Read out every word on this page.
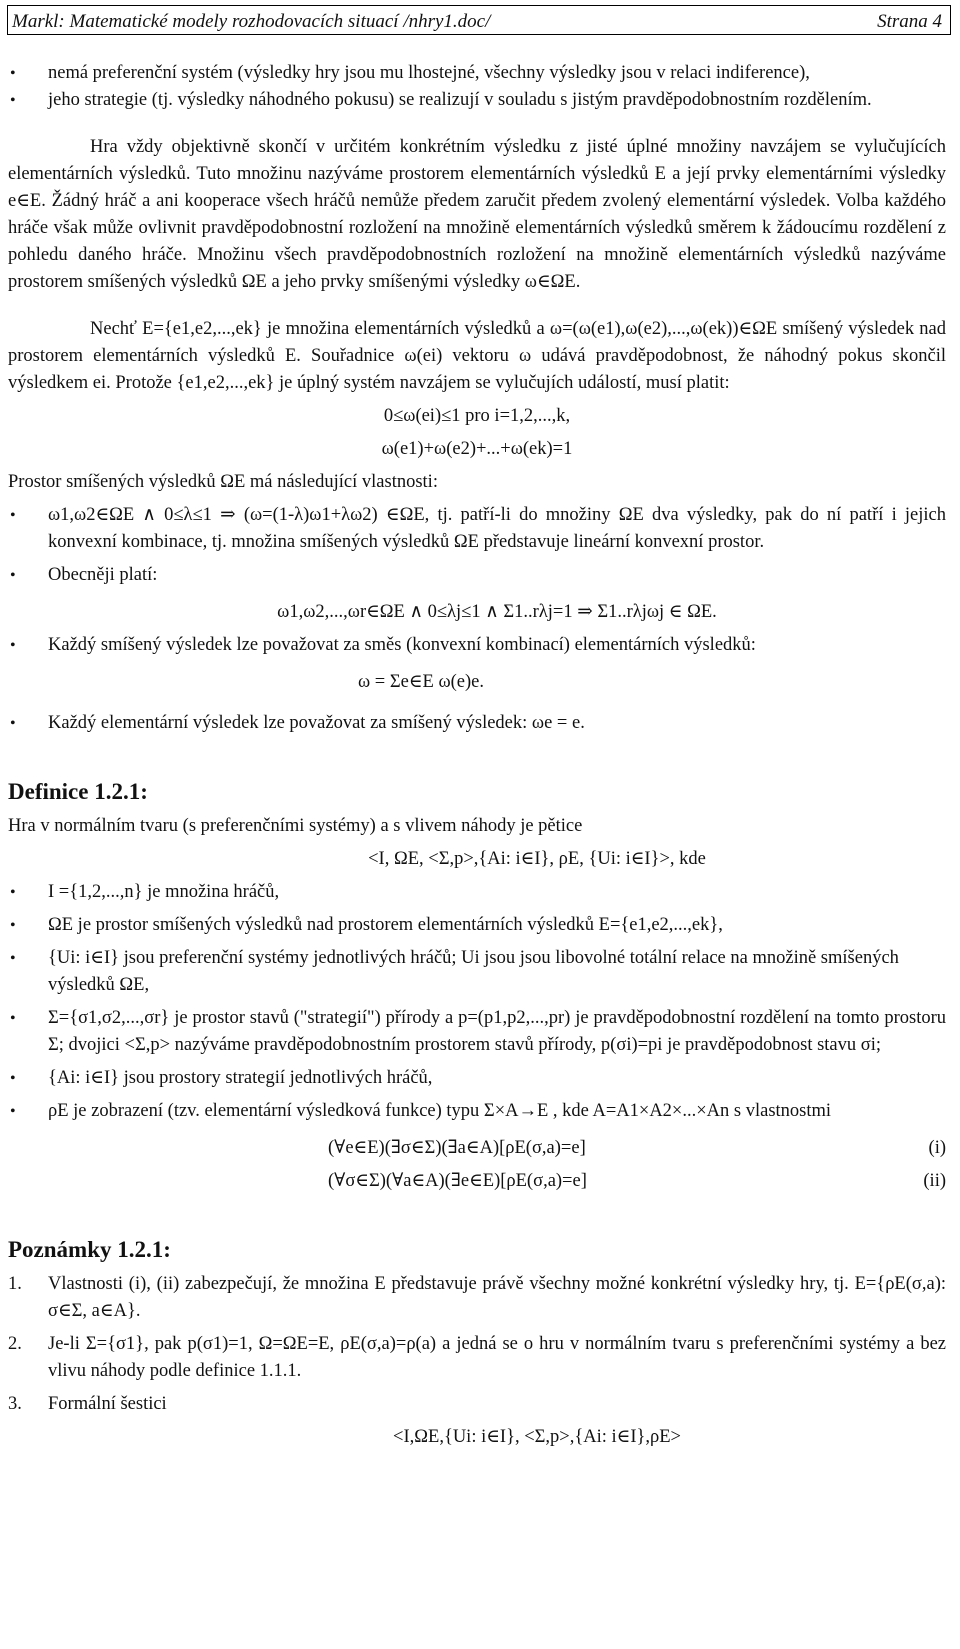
Markl: Matematické modely rozhodovacích situací /nhry1.doc/	Strana 4

• nemá preferenční systém (výsledky hry jsou mu lhostejné, všechny výsledky jsou v relaci indiference),

• jeho strategie (tj. výsledky náhodného pokusu) se realizují v souladu s jistým pravděpodobnostním rozdělením.

Hra vždy objektivně skončí v určitém konkrétním výsledku z jisté úplné množiny navzájem se vylučujících elementárních výsledků. Tuto množinu nazýváme prostorem elementárních výsledků E a její prvky elementárními výsledky e∈E. Žádný hráč a ani kooperace všech hráčů nemůže předem zaručit předem zvolený elementární výsledek. Volba každého hráče však může ovlivnit pravděpodobnostní rozložení na množině elementárních výsledků směrem k žádoucímu rozdělení z pohledu daného hráče. Množinu všech pravděpodobnostních rozložení na množině elementárních výsledků nazýváme prostorem smíšených výsledků ΩE a jeho prvky smíšenými výsledky ω∈ΩE.

Nechť E={e1,e2,...,ek} je množina elementárních výsledků a ω=(ω(e1),ω(e2),...,ω(ek))∈ΩE smíšený výsledek nad prostorem elementárních výsledků E. Souřadnice ω(ei) vektoru ω udává pravděpodobnost, že náhodný pokus skončil výsledkem ei. Protože {e1,e2,...,ek} je úplný systém navzájem se vylučujích událostí, musí platit:

0≤ω(ei)≤1 pro i=1,2,...,k,

ω(e1)+ω(e2)+...+ω(ek)=1

Prostor smíšených výsledků ΩE má následující vlastnosti:

• ω1,ω2∈ΩE ∧ 0≤λ≤1 ⇒ (ω=(1-λ)ω1+λω2) ∈ΩE, tj. patří-li do množiny ΩE dva výsledky, pak do ní patří i jejich konvexní kombinace, tj. množina smíšených výsledků ΩE představuje lineární konvexní prostor.

• Obecněji platí:

ω1,ω2,...,ωr∈ΩE ∧ 0≤λj≤1 ∧ Σ1..rλj=1 ⇒ Σ1..rλjωj ∈ ΩE.

• Každý smíšený výsledek lze považovat za směs (konvexní kombinací) elementárních výsledků:

ω = Σe∈E ω(e)e.

• Každý elementární výsledek lze považovat za smíšený výsledek: ωe = e.

Definice 1.2.1:

Hra v normálním tvaru (s preferenčními systémy) a s vlivem náhody je pětice

<I, ΩE, <Σ,p>,{Ai: i∈I}, ρE, {Ui: i∈I}>, kde

• I ={1,2,...,n} je množina hráčů,

• ΩE je prostor smíšených výsledků nad prostorem elementárních výsledků E={e1,e2,...,ek},

• {Ui: i∈I} jsou preferenční systémy jednotlivých hráčů; Ui jsou jsou libovolné totální relace na množině smíšených výsledků ΩE,

• Σ={σ1,σ2,...,σr} je prostor stavů ("strategií") přírody a p=(p1,p2,...,pr) je pravděpodobnostní rozdělení na tomto prostoru Σ; dvojici <Σ,p> nazýváme pravděpodobnostním prostorem stavů přírody, p(σi)=pi je pravděpodobnost stavu σi;

• {Ai: i∈I} jsou prostory strategií jednotlivých hráčů,

• ρE je zobrazení (tzv. elementární výsledková funkce) typu Σ×A→E , kde A=A1×A2×...×An s vlastnostmi

(∀e∈E)(∃σ∈Σ)(∃a∈A)[ρE(σ,a)=e]	(i)
(∀σ∈Σ)(∀a∈A)(∃e∈E)[ρE(σ,a)=e]	(ii)
Poznámky 1.2.1:

1. Vlastnosti (i), (ii) zabezpečují, že množina E představuje právě všechny možné konkrétní výsledky hry, tj. E={ρE(σ,a): σ∈Σ, a∈A}.

2. Je-li Σ={σ1}, pak p(σ1)=1, Ω=ΩE=E, ρE(σ,a)=ρ(a) a jedná se o hru v normálním tvaru s preferenčními systémy a bez vlivu náhody podle definice 1.1.1.

3. Formální šestici

<I,ΩE,{Ui: i∈I}, <Σ,p>,{Ai: i∈I},ρE>
